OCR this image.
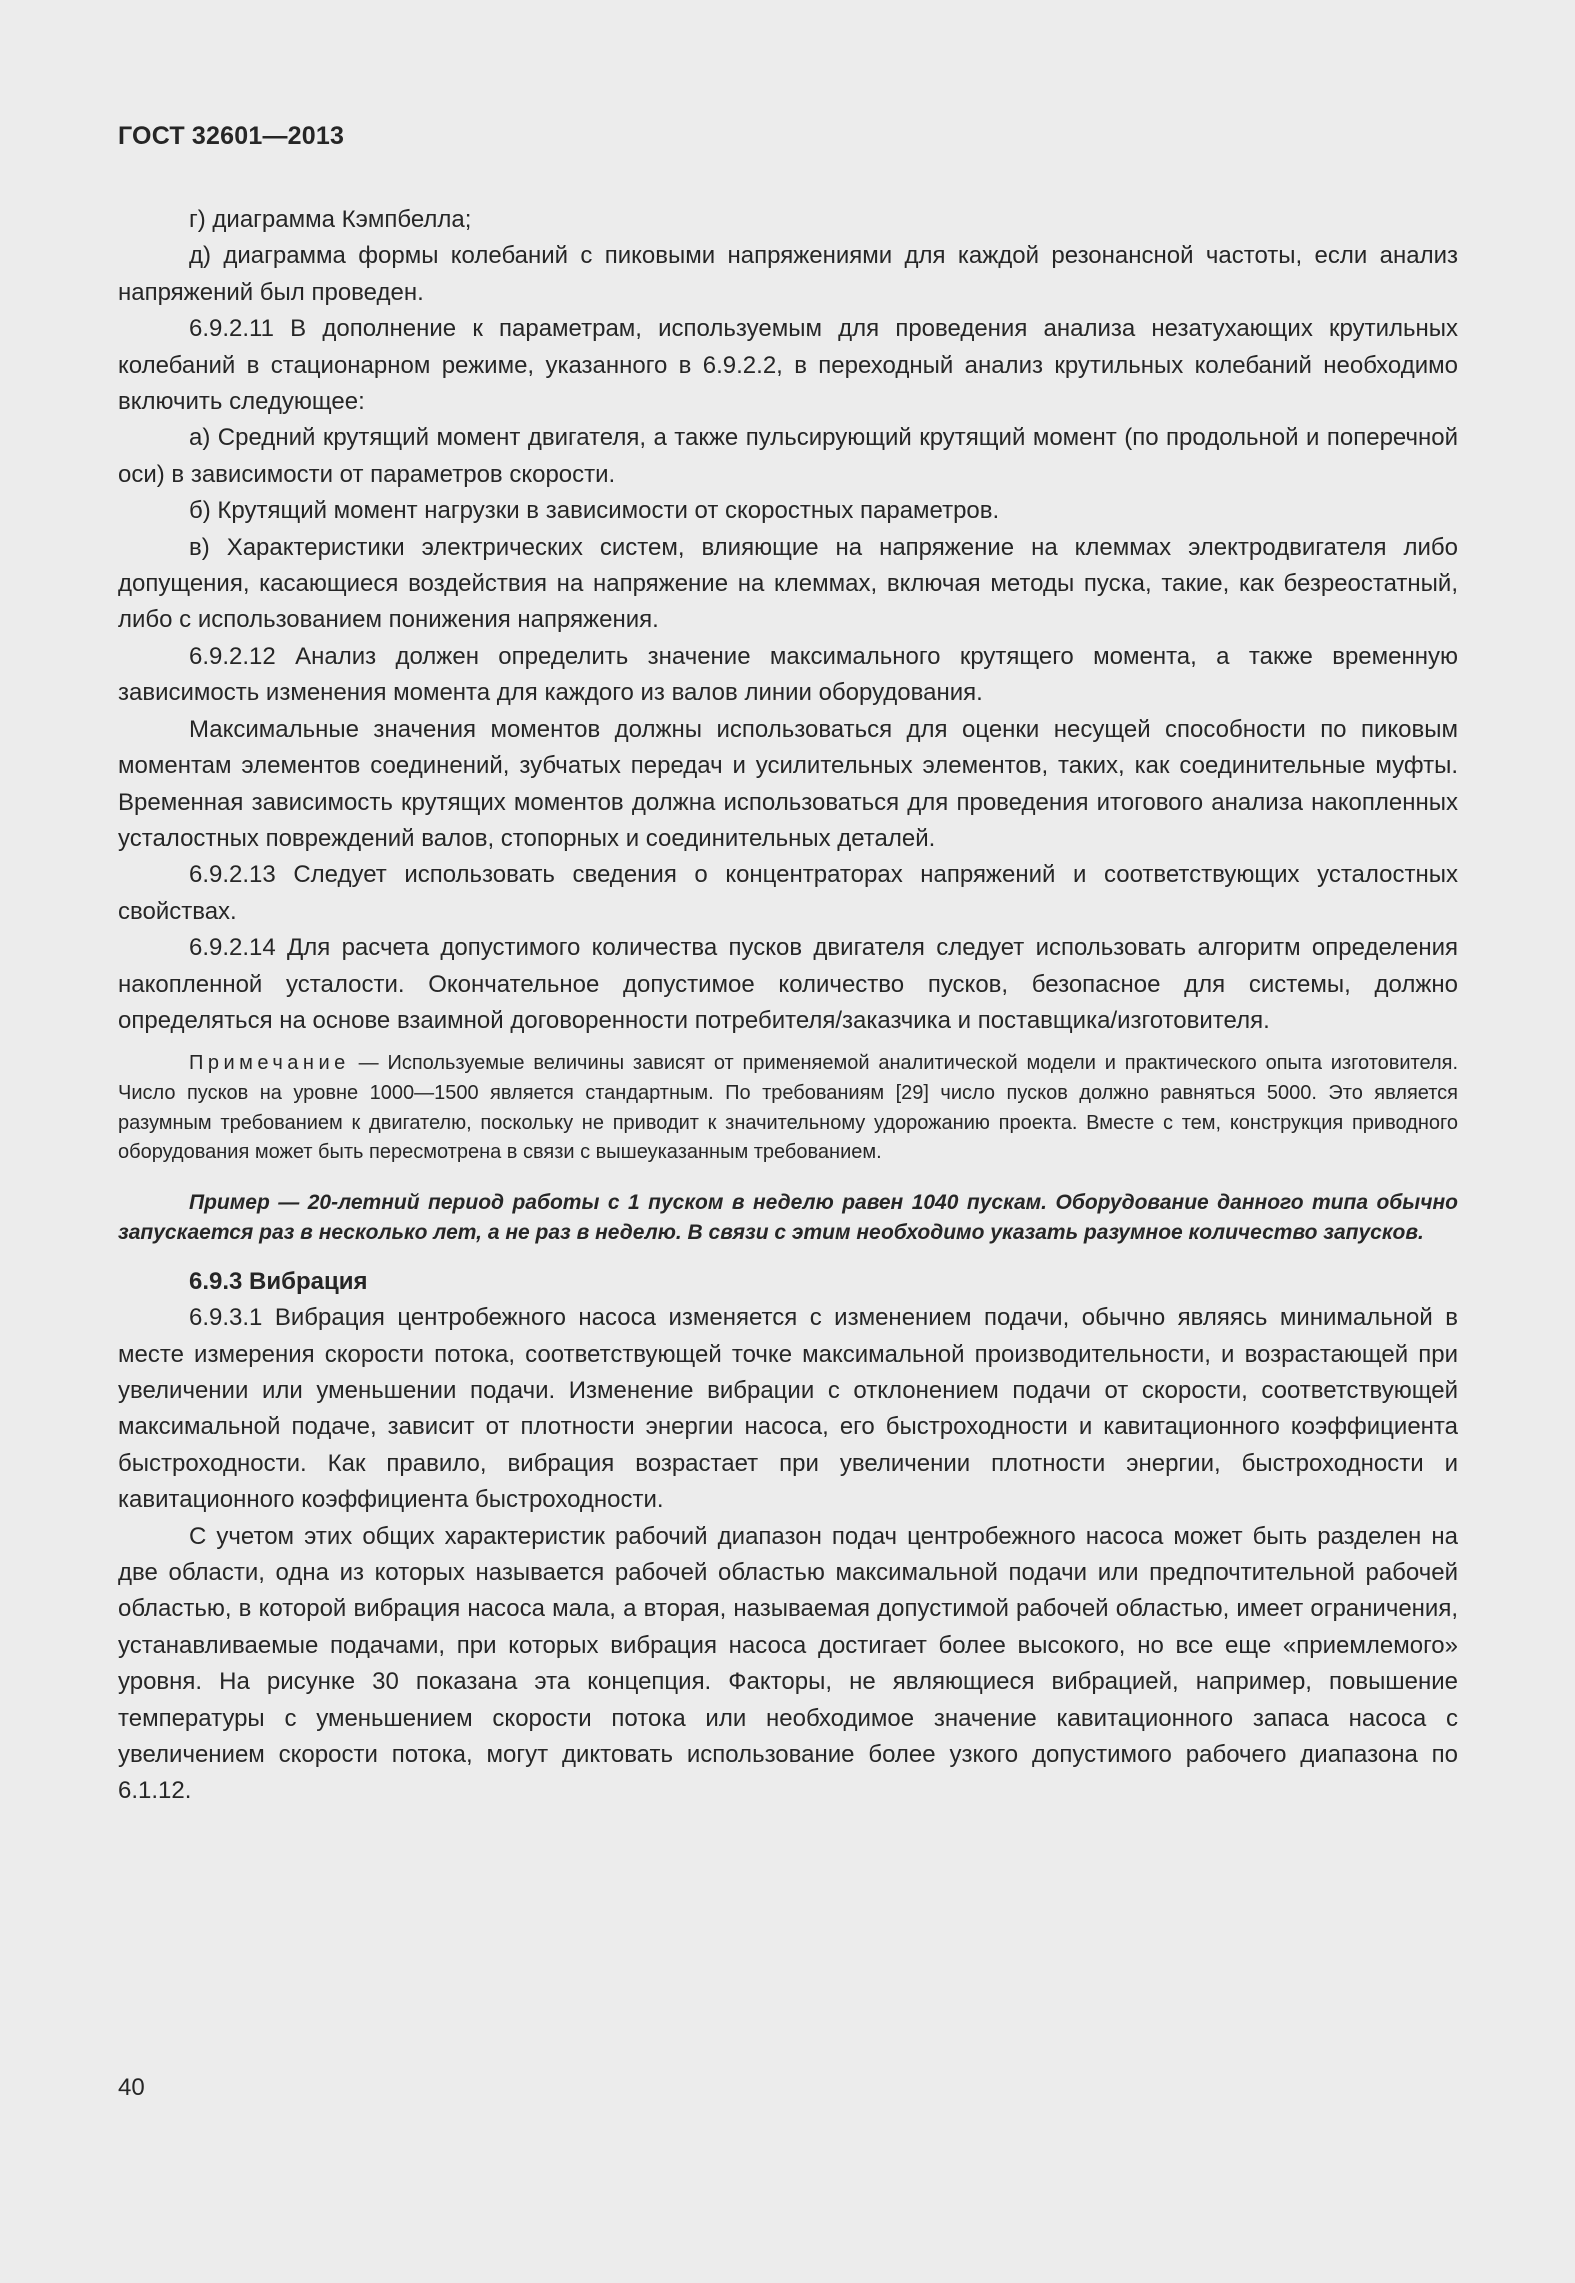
ГОСТ 32601—2013

г) диаграмма Кэмпбелла;

д) диаграмма формы колебаний с пиковыми напряжениями для каждой резонансной частоты, если анализ напряжений был проведен.

6.9.2.11 В дополнение к параметрам, используемым для проведения анализа незатухающих крутильных колебаний в стационарном режиме, указанного в 6.9.2.2, в переходный анализ крутильных колебаний необходимо включить следующее:

а) Средний крутящий момент двигателя, а также пульсирующий крутящий момент (по продольной и поперечной оси) в зависимости от параметров скорости.

б) Крутящий момент нагрузки в зависимости от скоростных параметров.

в) Характеристики электрических систем, влияющие на напряжение на клеммах электродвигателя либо допущения, касающиеся воздействия на напряжение на клеммах, включая методы пуска, такие, как безреостатный, либо с использованием понижения напряжения.

6.9.2.12 Анализ должен определить значение максимального крутящего момента, а также временную зависимость изменения момента для каждого из валов линии оборудования.

Максимальные значения моментов должны использоваться для оценки несущей способности по пиковым моментам элементов соединений, зубчатых передач и усилительных элементов, таких, как соединительные муфты. Временная зависимость крутящих моментов должна использоваться для проведения итогового анализа накопленных усталостных повреждений валов, стопорных и соединительных деталей.

6.9.2.13 Следует использовать сведения о концентраторах напряжений и соответствующих усталостных свойствах.

6.9.2.14 Для расчета допустимого количества пусков двигателя следует использовать алгоритм определения накопленной усталости. Окончательное допустимое количество пусков, безопасное для системы, должно определяться на основе взаимной договоренности потребителя/заказчика и поставщика/изготовителя.

Примечание — Используемые величины зависят от применяемой аналитической модели и практического опыта изготовителя. Число пусков на уровне 1000—1500 является стандартным. По требованиям [29] число пусков должно равняться 5000. Это является разумным требованием к двигателю, поскольку не приводит к значительному удорожанию проекта. Вместе с тем, конструкция приводного оборудования может быть пересмотрена в связи с вышеуказанным требованием.

Пример — 20-летний период работы с 1 пуском в неделю равен 1040 пускам. Оборудование данного типа обычно запускается раз в несколько лет, а не раз в неделю. В связи с этим необходимо указать разумное количество запусков.

6.9.3 Вибрация

6.9.3.1 Вибрация центробежного насоса изменяется с изменением подачи, обычно являясь минимальной в месте измерения скорости потока, соответствующей точке максимальной производительности, и возрастающей при увеличении или уменьшении подачи. Изменение вибрации с отклонением подачи от скорости, соответствующей максимальной подаче, зависит от плотности энергии насоса, его быстроходности и кавитационного коэффициента быстроходности. Как правило, вибрация возрастает при увеличении плотности энергии, быстроходности и кавитационного коэффициента быстроходности.

С учетом этих общих характеристик рабочий диапазон подач центробежного насоса может быть разделен на две области, одна из которых называется рабочей областью максимальной подачи или предпочтительной рабочей областью, в которой вибрация насоса мала, а вторая, называемая допустимой рабочей областью, имеет ограничения, устанавливаемые подачами, при которых вибрация насоса достигает более высокого, но все еще «приемлемого» уровня. На рисунке 30 показана эта концепция. Факторы, не являющиеся вибрацией, например, повышение температуры с уменьшением скорости потока или необходимое значение кавитационного запаса насоса с увеличением скорости потока, могут диктовать использование более узкого допустимого рабочего диапазона по 6.1.12.

40
